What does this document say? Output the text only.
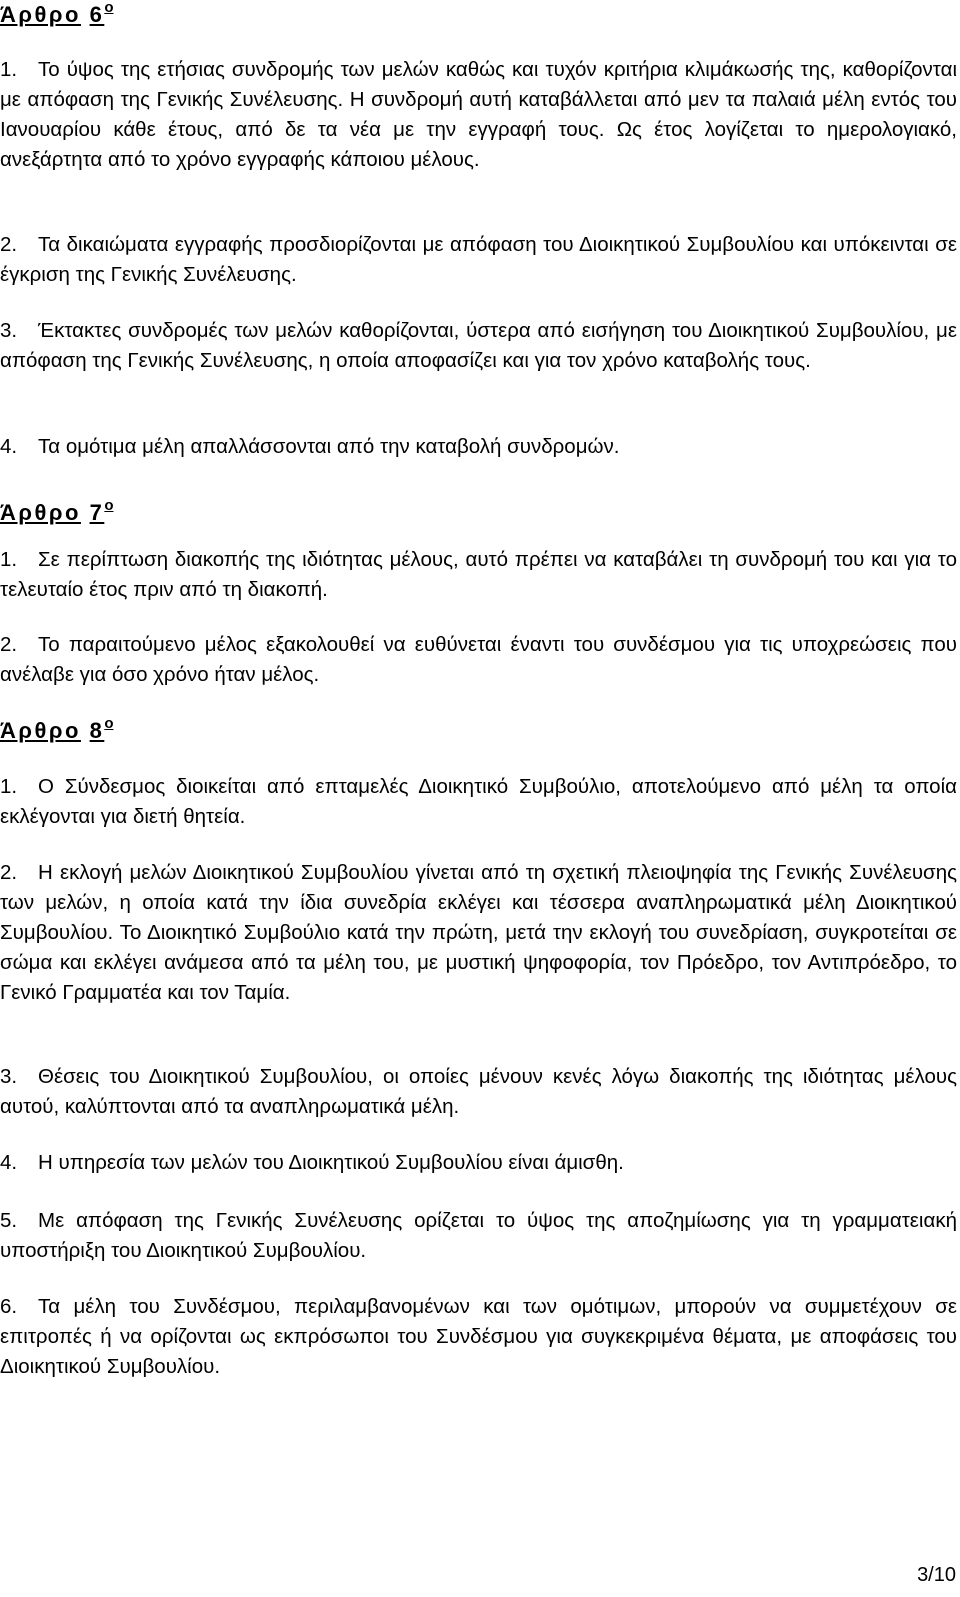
Άρθρο $6^o$
1. Το ύψος της ετήσιας συνδρομής των μελών καθώς και τυχόν κριτήρια κλιμάκωσής της, καθορίζονται με απόφαση της Γενικής Συνέλευσης. Η συνδρομή αυτή καταβάλλεται από μεν τα παλαιά μέλη εντός του Ιανουαρίου κάθε έτους, από δε τα νέα με την εγγραφή τους. Ως έτος λογίζεται το ημερολογιακό, ανεξάρτητα από το χρόνο εγγραφής κάποιου μέλους.
2. Τα δικαιώματα εγγραφής προσδιορίζονται με απόφαση του Διοικητικού Συμβουλίου και υπόκεινται σε έγκριση της Γενικής Συνέλευσης.
3. Έκτακτες συνδρομές των μελών καθορίζονται, ύστερα από εισήγηση του Διοικητικού Συμβουλίου, με απόφαση της Γενικής Συνέλευσης, η οποία αποφασίζει και για τον χρόνο καταβολής τους.
4. Τα ομότιμα μέλη απαλλάσσονται από την καταβολή συνδρομών.
Άρθρο $7^o$
1. Σε περίπτωση διακοπής της ιδιότητας μέλους, αυτό πρέπει να καταβάλει τη συνδρομή του και για το τελευταίο έτος πριν από τη διακοπή.
2. Το παραιτούμενο μέλος εξακολουθεί να ευθύνεται έναντι του συνδέσμου για τις υποχρεώσεις που ανέλαβε για όσο χρόνο ήταν μέλος.
Άρθρο $8^o$
1. Ο Σύνδεσμος διοικείται από επταμελές Διοικητικό Συμβούλιο, αποτελούμενο από μέλη τα οποία εκλέγονται για διετή θητεία.
2. Η εκλογή μελών Διοικητικού Συμβουλίου γίνεται από τη σχετική πλειοψηφία της Γενικής Συνέλευσης των μελών, η οποία κατά την ίδια συνεδρία εκλέγει και τέσσερα αναπληρωματικά μέλη Διοικητικού Συμβουλίου. Το Διοικητικό Συμβούλιο κατά την πρώτη, μετά την εκλογή του συνεδρίαση, συγκροτείται σε σώμα και εκλέγει ανάμεσα από τα μέλη του, με μυστική ψηφοφορία, τον Πρόεδρο, τον Αντιπρόεδρο, το Γενικό Γραμματέα και τον Ταμία.
3. Θέσεις του Διοικητικού Συμβουλίου, οι οποίες μένουν κενές λόγω διακοπής της ιδιότητας μέλους αυτού, καλύπτονται από τα αναπληρωματικά μέλη.
4. Η υπηρεσία των μελών του Διοικητικού Συμβουλίου είναι άμισθη.
5. Με απόφαση της Γενικής Συνέλευσης ορίζεται το ύψος της αποζημίωσης για τη γραμματειακή υποστήριξη του Διοικητικού Συμβουλίου.
6. Τα μέλη του Συνδέσμου, περιλαμβανομένων και των ομότιμων, μπορούν να συμμετέχουν σε επιτροπές ή να ορίζονται ως εκπρόσωποι του Συνδέσμου για συγκεκριμένα θέματα, με αποφάσεις του Διοικητικού Συμβουλίου.
3/10
